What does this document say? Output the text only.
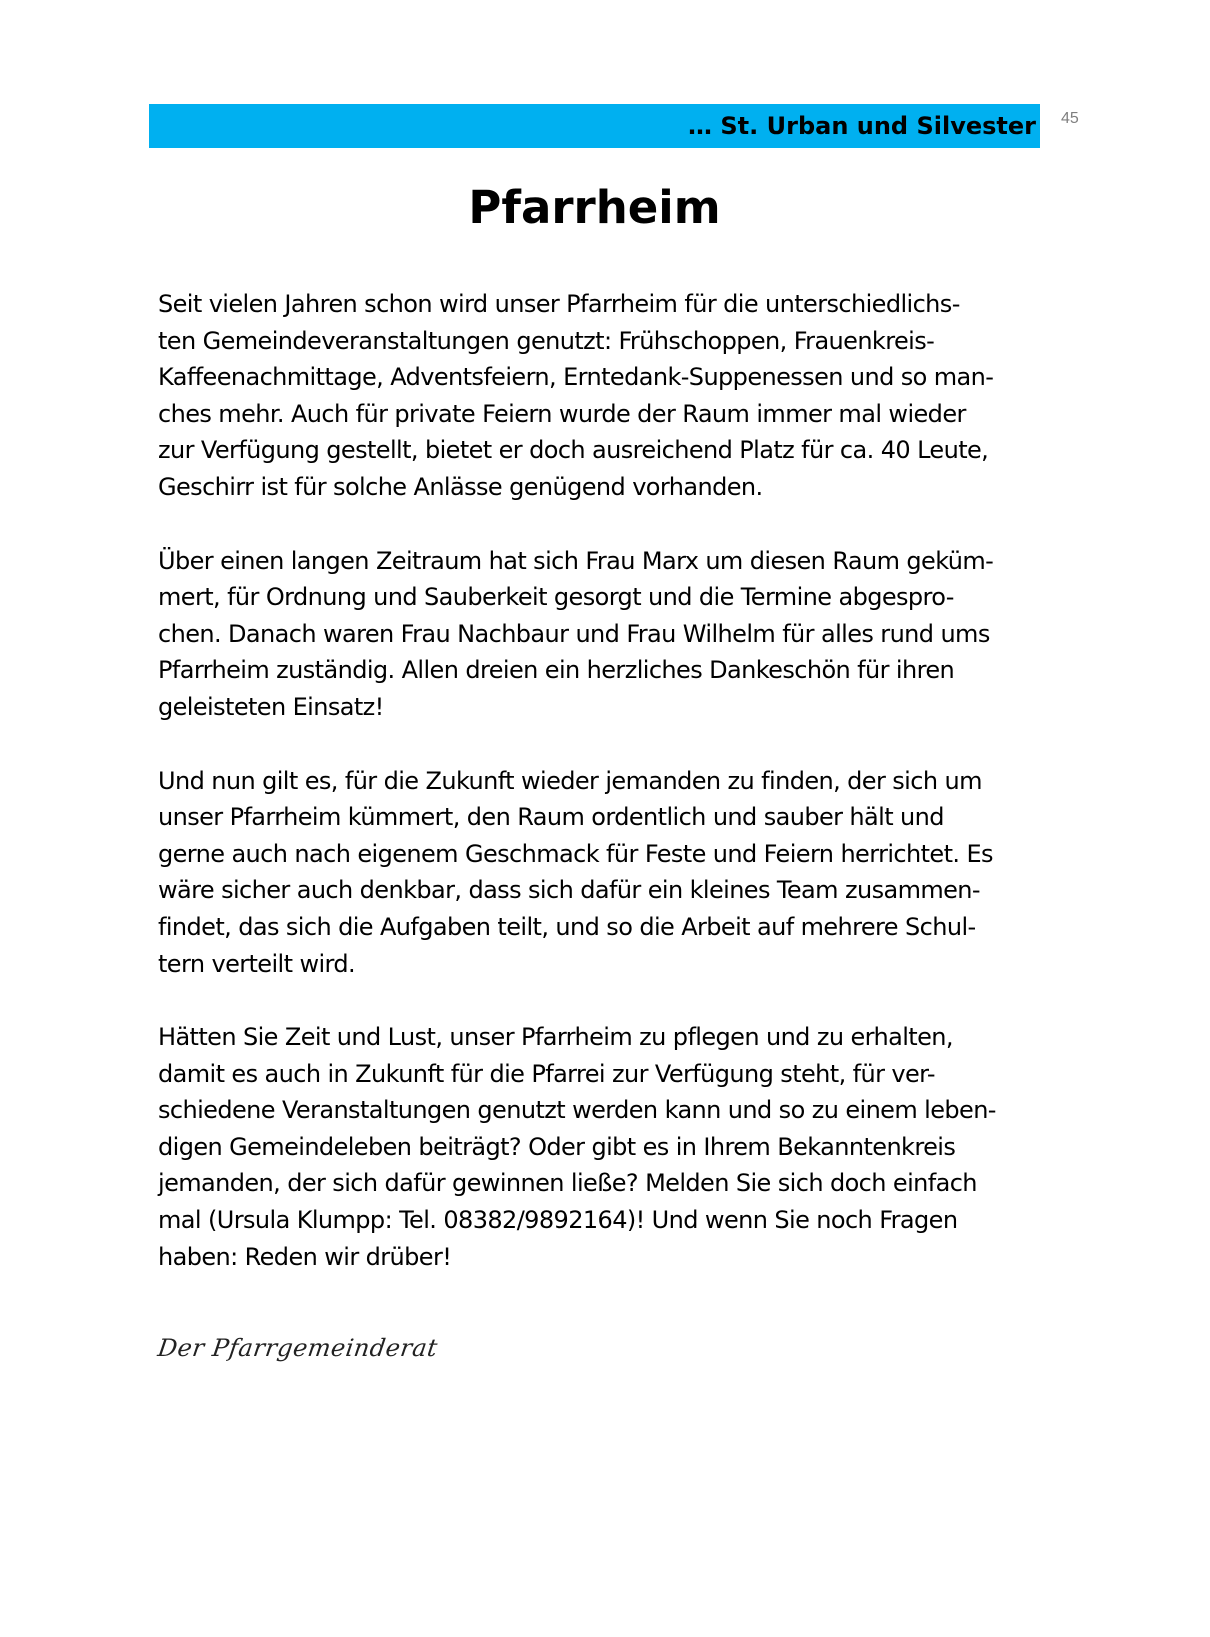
… St. Urban und Silvester 45
Pfarrheim

Seit vielen Jahren schon wird unser Pfarrheim für die unterschiedlichs-
ten Gemeindeveranstaltungen genutzt: Frühschoppen, Frauenkreis-
Kaffeenachmittage, Adventsfeiern, Erntedank-Suppenessen und so man-
ches mehr. Auch für private Feiern wurde der Raum immer mal wieder
zur Verfügung gestellt, bietet er doch ausreichend Platz für ca. 40 Leute,
Geschirr ist für solche Anlässe genügend vorhanden.

Über einen langen Zeitraum hat sich Frau Marx um diesen Raum geküm-
mert, für Ordnung und Sauberkeit gesorgt und die Termine abgespro-
chen. Danach waren Frau Nachbaur und Frau Wilhelm für alles rund ums
Pfarrheim zuständig. Allen dreien ein herzliches Dankeschön für ihren
geleisteten Einsatz!

Und nun gilt es, für die Zukunft wieder jemanden zu finden, der sich um
unser Pfarrheim kümmert, den Raum ordentlich und sauber hält und
gerne auch nach eigenem Geschmack für Feste und Feiern herrichtet. Es
wäre sicher auch denkbar, dass sich dafür ein kleines Team zusammen-
findet, das sich die Aufgaben teilt, und so die Arbeit auf mehrere Schul-
tern verteilt wird.

Hätten Sie Zeit und Lust, unser Pfarrheim zu pflegen und zu erhalten,
damit es auch in Zukunft für die Pfarrei zur Verfügung steht, für ver-
schiedene Veranstaltungen genutzt werden kann und so zu einem leben-
digen Gemeindeleben beiträgt? Oder gibt es in Ihrem Bekanntenkreis
jemanden, der sich dafür gewinnen ließe? Melden Sie sich doch einfach
mal (Ursula Klumpp: Tel. 08382/9892164)! Und wenn Sie noch Fragen
haben: Reden wir drüber!

Der Pfarrgemeinderat
